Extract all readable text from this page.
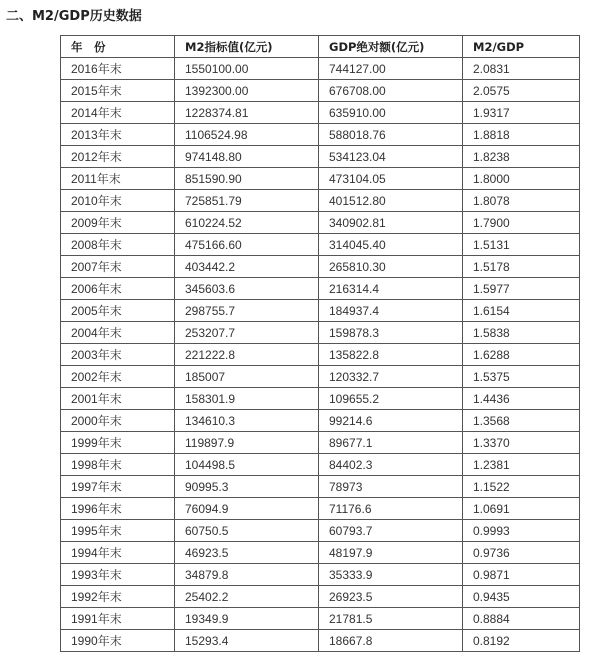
二、M2/GDP历史数据
年　份	M2指标值(亿元)	GDP绝对额(亿元)	M2/GDP
2016年末	1550100.00	744127.00	2.0831
2015年末	1392300.00	676708.00	2.0575
2014年末	1228374.81	635910.00	1.9317
2013年末	1106524.98	588018.76	1.8818
2012年末	974148.80	534123.04	1.8238
2011年末	851590.90	473104.05	1.8000
2010年末	725851.79	401512.80	1.8078
2009年末	610224.52	340902.81	1.7900
2008年末	475166.60	314045.40	1.5131
2007年末	403442.2	265810.30	1.5178
2006年末	345603.6	216314.4	1.5977
2005年末	298755.7	184937.4	1.6154
2004年末	253207.7	159878.3	1.5838
2003年末	221222.8	135822.8	1.6288
2002年末	185007	120332.7	1.5375
2001年末	158301.9	109655.2	1.4436
2000年末	134610.3	99214.6	1.3568
1999年末	119897.9	89677.1	1.3370
1998年末	104498.5	84402.3	1.2381
1997年末	90995.3	78973	1.1522
1996年末	76094.9	71176.6	1.0691
1995年末	60750.5	60793.7	0.9993
1994年末	46923.5	48197.9	0.9736
1993年末	34879.8	35333.9	0.9871
1992年末	25402.2	26923.5	0.9435
1991年末	19349.9	21781.5	0.8884
1990年末	15293.4	18667.8	0.8192
